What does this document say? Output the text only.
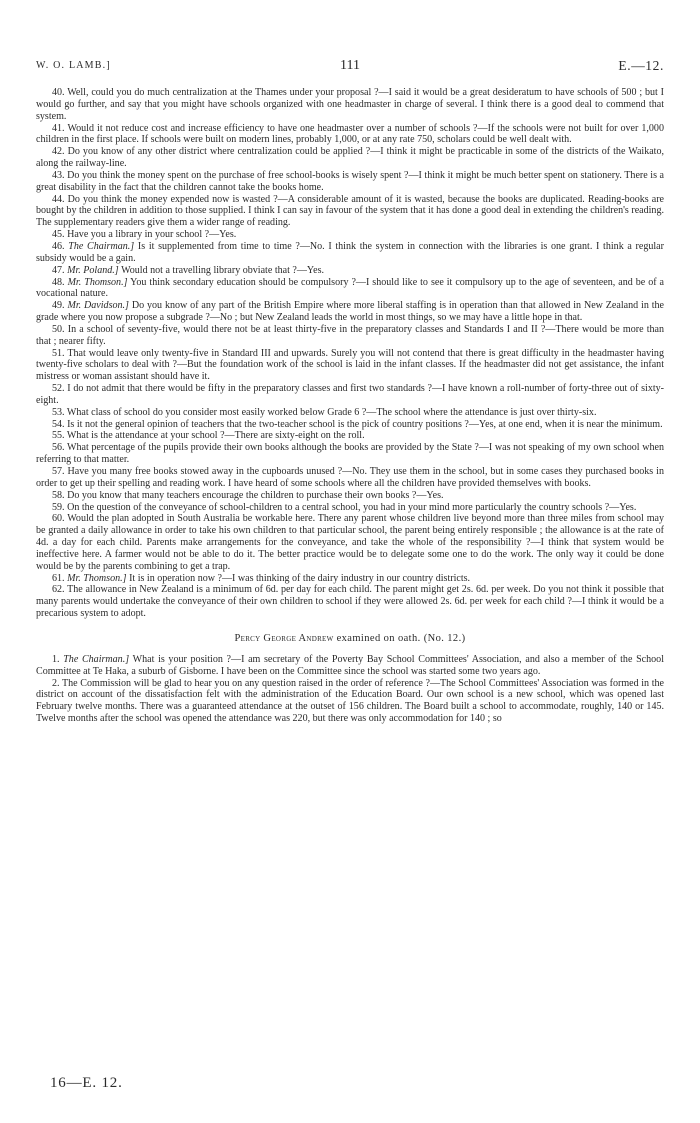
W. O. LAMB.]	111	E.—12.

40. Well, could you do much centralization at the Thames under your proposal ?—I said it would be a great desideratum to have schools of 500 ; but I would go further, and say that you might have schools organized with one headmaster in charge of several. I think there is a good deal to commend that system.

41. Would it not reduce cost and increase efficiency to have one headmaster over a number of schools ?—If the schools were not built for over 1,000 children in the first place. If schools were built on modern lines, probably 1,000, or at any rate 750, scholars could be well dealt with.

42. Do you know of any other district where centralization could be applied ?—I think it might be practicable in some of the districts of the Waikato, along the railway-line.

43. Do you think the money spent on the purchase of free school-books is wisely spent ?—I think it might be much better spent on stationery. There is a great disability in the fact that the children cannot take the books home.

44. Do you think the money expended now is wasted ?—A considerable amount of it is wasted, because the books are duplicated. Reading-books are bought by the children in addition to those supplied. I think I can say in favour of the system that it has done a good deal in extending the children's reading. The supplementary readers give them a wider range of reading.

45. Have you a library in your school ?—Yes.

46. The Chairman.] Is it supplemented from time to time ?—No. I think the system in connection with the libraries is one grant. I think a regular subsidy would be a gain.

47. Mr. Poland.] Would not a travelling library obviate that ?—Yes.

48. Mr. Thomson.] You think secondary education should be compulsory ?—I should like to see it compulsory up to the age of seventeen, and be of a vocational nature.

49. Mr. Davidson.] Do you know of any part of the British Empire where more liberal staffing is in operation than that allowed in New Zealand in the grade where you now propose a subgrade ?—No ; but New Zealand leads the world in most things, so we may have a little hope in that.

50. In a school of seventy-five, would there not be at least thirty-five in the preparatory classes and Standards I and II ?—There would be more than that ; nearer fifty.

51. That would leave only twenty-five in Standard III and upwards. Surely you will not contend that there is great difficulty in the headmaster having twenty-five scholars to deal with ?—But the foundation work of the school is laid in the infant classes. If the headmaster did not get assistance, the infant mistress or woman assistant should have it.

52. I do not admit that there would be fifty in the preparatory classes and first two standards ?—I have known a roll-number of forty-three out of sixty-eight.

53. What class of school do you consider most easily worked below Grade 6 ?—The school where the attendance is just over thirty-six.

54. Is it not the general opinion of teachers that the two-teacher school is the pick of country positions ?—Yes, at one end, when it is near the minimum.

55. What is the attendance at your school ?—There are sixty-eight on the roll.

56. What percentage of the pupils provide their own books although the books are provided by the State ?—I was not speaking of my own school when referring to that matter.

57. Have you many free books stowed away in the cupboards unused ?—No. They use them in the school, but in some cases they purchased books in order to get up their spelling and reading work. I have heard of some schools where all the children have provided themselves with books.

58. Do you know that many teachers encourage the children to purchase their own books ?—Yes.

59. On the question of the conveyance of school-children to a central school, you had in your mind more particularly the country schools ?—Yes.

60. Would the plan adopted in South Australia be workable here. There any parent whose children live beyond more than three miles from school may be granted a daily allowance in order to take his own children to that particular school, the parent being entirely responsible ; the allowance is at the rate of 4d. a day for each child. Parents make arrangements for the conveyance, and take the whole of the responsibility ?—I think that system would be ineffective here. A farmer would not be able to do it. The better practice would be to delegate some one to do the work. The only way it could be done would be by the parents combining to get a trap.

61. Mr. Thomson.] It is in operation now ?—I was thinking of the dairy industry in our country districts.

62. The allowance in New Zealand is a minimum of 6d. per day for each child. The parent might get 2s. 6d. per week. Do you not think it possible that many parents would undertake the conveyance of their own children to school if they were allowed 2s. 6d. per week for each child ?—I think it would be a precarious system to adopt.

Percy George Andrew examined on oath. (No. 12.)

1. The Chairman.] What is your position ?—I am secretary of the Poverty Bay School Committees' Association, and also a member of the School Committee at Te Haka, a suburb of Gisborne. I have been on the Committee since the school was started some two years ago.

2. The Commission will be glad to hear you on any question raised in the order of reference ?—The School Committees' Association was formed in the district on account of the dissatisfaction felt with the administration of the Education Board. Our own school is a new school, which was opened last February twelve months. There was a guaranteed attendance at the outset of 156 children. The Board built a school to accommodate, roughly, 140 or 145. Twelve months after the school was opened the attendance was 220, but there was only accommodation for 140 ; so

16—E. 12.
